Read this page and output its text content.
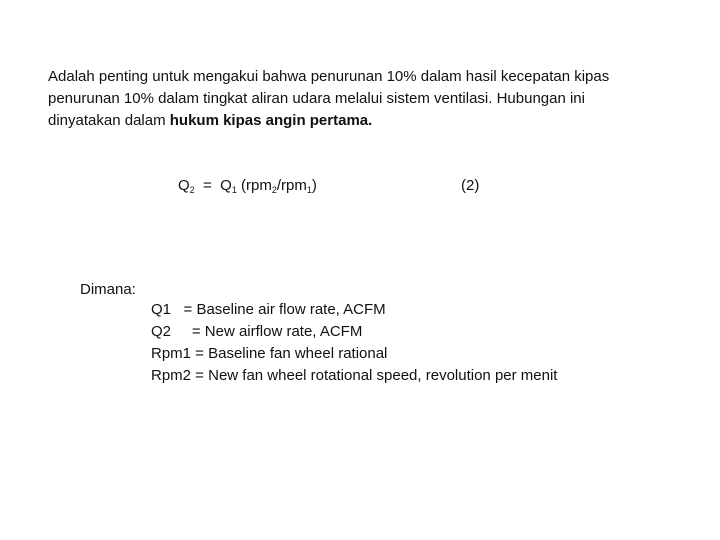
Adalah penting untuk mengakui bahwa penurunan 10% dalam hasil kecepatan kipas penurunan 10% dalam tingkat aliran udara melalui sistem ventilasi. Hubungan ini dinyatakan dalam hukum kipas angin pertama.
$Q_2 = Q_1$ (rpm$_2$/rpm$_1$)	(2)
Dimana:
Q1   = Baseline air flow rate, ACFM
Q2     = New airflow rate, ACFM
Rpm1 = Baseline fan wheel rational
Rpm2 = New fan wheel rotational speed, revolution per menit
